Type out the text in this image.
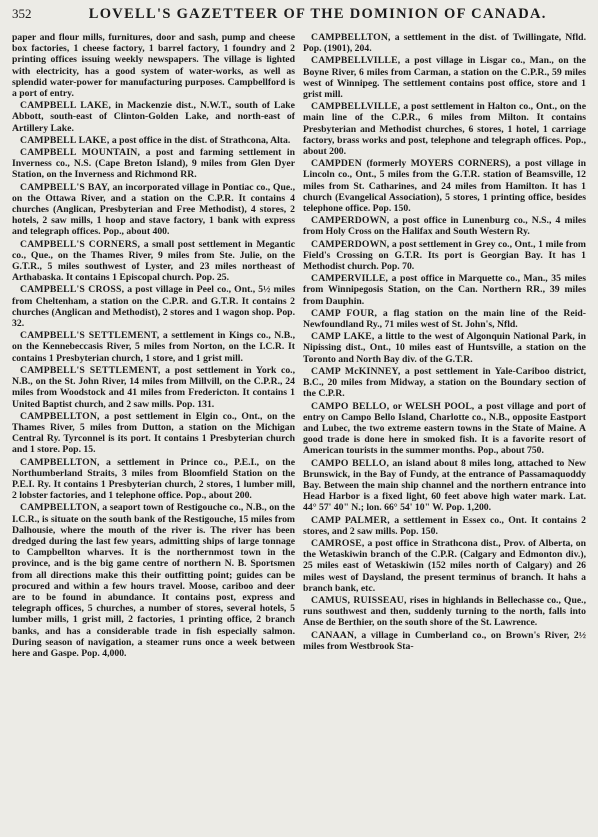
352	LOVELL'S GAZETTEER OF THE DOMINION OF CANADA.

paper and flour mills, furnitures, door and sash, pump and cheese box factories, 1 cheese factory, 1 barrel factory, 1 foundry and 2 printing offices issuing weekly newspapers. The village is lighted with electricity, has a good system of water-works, as well as splendid water-power for manufacturing purposes. Campbellford is a port of entry.

CAMPBELL LAKE, in Mackenzie dist., N.W.T., south of Lake Abbott, south-east of Clinton-Golden Lake, and north-east of Artillery Lake.

CAMPBELL LAKE, a post office in the dist. of Strathcona, Alta.

CAMPBELL MOUNTAIN, a post and farming settlement in Inverness co., N.S. (Cape Breton Island), 9 miles from Glen Dyer Station, on the Inverness and Richmond RR.

CAMPBELL'S BAY, an incorporated village in Pontiac co., Que., on the Ottawa River, and a station on the C.P.R. It contains 4 churches (Anglican, Presbyterian and Free Methodist), 4 stores, 2 hotels, 2 saw mills, 1 hoop and stave factory, 1 bank with express and telegraph offices. Pop., about 400.

CAMPBELL'S CORNERS, a small post settlement in Megantic co., Que., on the Thames River, 9 miles from Ste. Julie, on the G.T.R., 5 miles southwest of Lyster, and 23 miles northeast of Arthabaska. It contains 1 Episcopal church. Pop. 25.

CAMPBELL'S CROSS, a post village in Peel co., Ont., 5½ miles from Cheltenham, a station on the C.P.R. and G.T.R. It contains 2 churches (Anglican and Methodist), 2 stores and 1 wagon shop. Pop. 32.

CAMPBELL'S SETTLEMENT, a settlement in Kings co., N.B., on the Kennebeccasis River, 5 miles from Norton, on the I.C.R. It contains 1 Presbyterian church, 1 store, and 1 grist mill.

CAMPBELL'S SETTLEMENT, a post settlement in York co., N.B., on the St. John River, 14 miles from Millvill, on the C.P.R., 24 miles from Woodstock and 41 miles from Fredericton. It contains 1 United Baptist church, and 2 saw mills. Pop. 131.

CAMPBELLTON, a post settlement in Elgin co., Ont., on the Thames River, 5 miles from Dutton, a station on the Michigan Central Ry. Tyrconnel is its port. It contains 1 Presbyterian church and 1 store. Pop. 15.

CAMPBELLTON, a settlement in Prince co., P.E.I., on the Northumberland Straits, 3 miles from Bloomfield Station on the P.E.I. Ry. It contains 1 Presbyterian church, 2 stores, 1 lumber mill, 2 lobster factories, and 1 telephone office. Pop., about 200.

CAMPBELLTON, a seaport town of Restigouche co., N.B., on the I.C.R., is situate on the south bank of the Restigouche, 15 miles from Dalhousie, where the mouth of the river is. The river has been dredged during the last few years, admitting ships of large tonnage to Campbellton wharves. It is the northernmost town in the province, and is the big game centre of northern N. B. Sportsmen from all directions make this their outfitting point; guides can be procured and within a few hours travel. Moose, cariboo and deer are to be found in abundance. It contains post, express and telegraph offices, 5 churches, a number of stores, several hotels, 5 lumber mills, 1 grist mill, 2 factories, 1 printing office, 2 branch banks, and has a considerable trade in fish especially salmon. During season of navigation, a steamer runs once a week between here and Gaspe. Pop. 4,000.

CAMPBELLTON, a settlement in the dist. of Twillingate, Nfld. Pop. (1901), 204.

CAMPBELLVILLE, a post village in Lisgar co., Man., on the Boyne River, 6 miles from Carman, a station on the C.P.R., 59 miles west of Winnipeg. The settlement contains post office, store and 1 grist mill.

CAMPBELLVILLE, a post settlement in Halton co., Ont., on the main line of the C.P.R., 6 miles from Milton. It contains Presbyterian and Methodist churches, 6 stores, 1 hotel, 1 carriage factory, brass works and post, telephone and telegraph offices. Pop., about 200.

CAMPDEN (formerly MOYERS CORNERS), a post village in Lincoln co., Ont., 5 miles from the G.T.R. station of Beamsville, 12 miles from St. Catharines, and 24 miles from Hamilton. It has 1 church (Evangelical Association), 5 stores, 1 printing office, besides telephone office. Pop. 150.

CAMPERDOWN, a post office in Lunenburg co., N.S., 4 miles from Holy Cross on the Halifax and South Western Ry.

CAMPERDOWN, a post settlement in Grey co., Ont., 1 mile from Field's Crossing on G.T.R. Its port is Georgian Bay. It has 1 Methodist church. Pop. 70.

CAMPERVILLE, a post office in Marquette co., Man., 35 miles from Winnipegosis Station, on the Can. Northern RR., 39 miles from Dauphin.

CAMP FOUR, a flag station on the main line of the Reid-Newfoundland Ry., 71 miles west of St. John's, Nfld.

CAMP LAKE, a little to the west of Algonquin National Park, in Nipissing dist., Ont., 10 miles east of Huntsville, a station on the Toronto and North Bay div. of the G.T.R.

CAMP McKINNEY, a post settlement in Yale-Cariboo district, B.C., 20 miles from Midway, a station on the Boundary section of the C.P.R.

CAMPO BELLO, or WELSH POOL, a post village and port of entry on Campo Bello Island, Charlotte co., N.B., opposite Eastport and Lubec, the two extreme eastern towns in the State of Maine. A good trade is done here in smoked fish. It is a favorite resort of American tourists in the summer months. Pop., about 750.

CAMPO BELLO, an island about 8 miles long, attached to New Brunswick, in the Bay of Fundy, at the entrance of Passamaquoddy Bay. Between the main ship channel and the northern entrance into Head Harbor is a fixed light, 60 feet above high water mark. Lat. 44° 57' 40" N.; lon. 66° 54' 10" W. Pop. 1,200.

CAMP PALMER, a settlement in Essex co., Ont. It contains 2 stores, and 2 saw mills. Pop. 150.

CAMROSE, a post office in Strathcona dist., Prov. of Alberta, on the Wetaskiwin branch of the C.P.R. (Calgary and Edmonton div.), 25 miles east of Wetaskiwin (152 miles north of Calgary) and 26 miles west of Daysland, the present terminus of branch. It hahs a branch bank, etc.

CAMUS, RUISSEAU, rises in highlands in Bellechasse co., Que., runs southwest and then, suddenly turning to the north, falls into Anse de Berthier, on the south shore of the St. Lawrence.

CANAAN, a village in Cumberland co., on Brown's River, 2½ miles from Westbrook Sta-
